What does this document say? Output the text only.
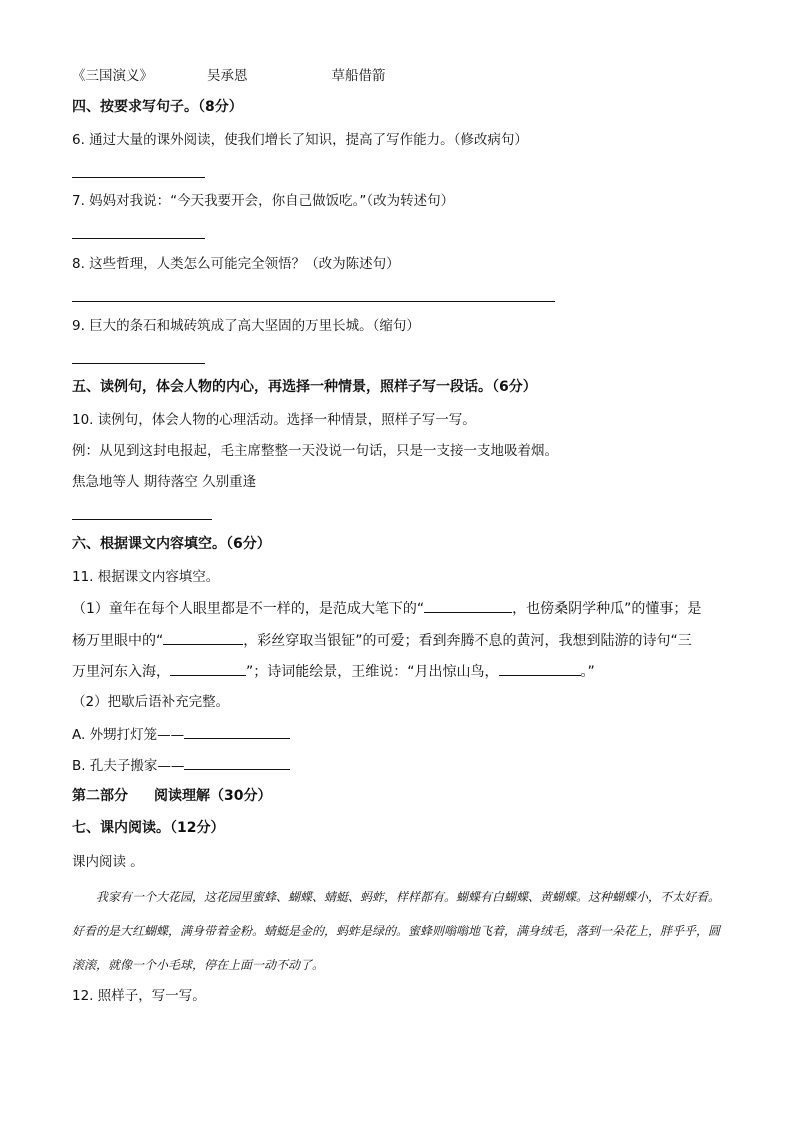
《三国演义》	吴承恩	草船借箭
四、按要求写句子。（8分）
6. 通过大量的课外阅读，使我们增长了知识，提高了写作能力。（修改病句）
7. 妈妈对我说：“今天我要开会，你自己做饭吃。”（改为转述句）
8. 这些哲理，人类怎么可能完全领悟？（改为陈述句）
9. 巨大的条石和城砖筑成了高大坚固的万里长城。（缩句）
五、读例句，体会人物的内心，再选择一种情景，照样子写一段话。（6分）
10. 读例句，体会人物的心理活动。选择一种情景，照样子写一写。
例：从见到这封电报起，毛主席整整一天没说一句话，只是一支接一支地吸着烟。
焦急地等人 期待落空 久别重逢
六、根据课文内容填空。（6分）
11. 根据课文内容填空。
（1）童年在每个人眼里都是不一样的，是范成大笔下的“	，也傍桑阴学种瓜”的懂事；是
杨万里眼中的“	，彩丝穿取当银钲”的可爱；看到奔腾不息的黄河，我想到陆游的诗句“三
万里河东入海，	”；诗词能绘景，王维说：“月出惊山鸟，	。”
（2）把歇后语补充完整。
A. 外甥打灯笼——
B. 孔夫子搬家——
第二部分 阅读理解（30分）
七、课内阅读。（12分）
课内阅读 。

我家有一个大花园，这花园里蜜蜂、蝴蝶、蜻蜓、蚂蚱，样样都有。蝴蝶有白蝴蝶、黄蝴蝶。这种蝴蝶小，不太好看。好看的是大红蝴蝶，满身带着金粉。蜻蜓是金的，蚂蚱是绿的。蜜蜂则嗡嗡地飞着，满身绒毛，落到一朵花上，胖乎乎，圆滚滚，就像一个小毛球，停在上面一动不动了。

12. 照样子，写一写。
